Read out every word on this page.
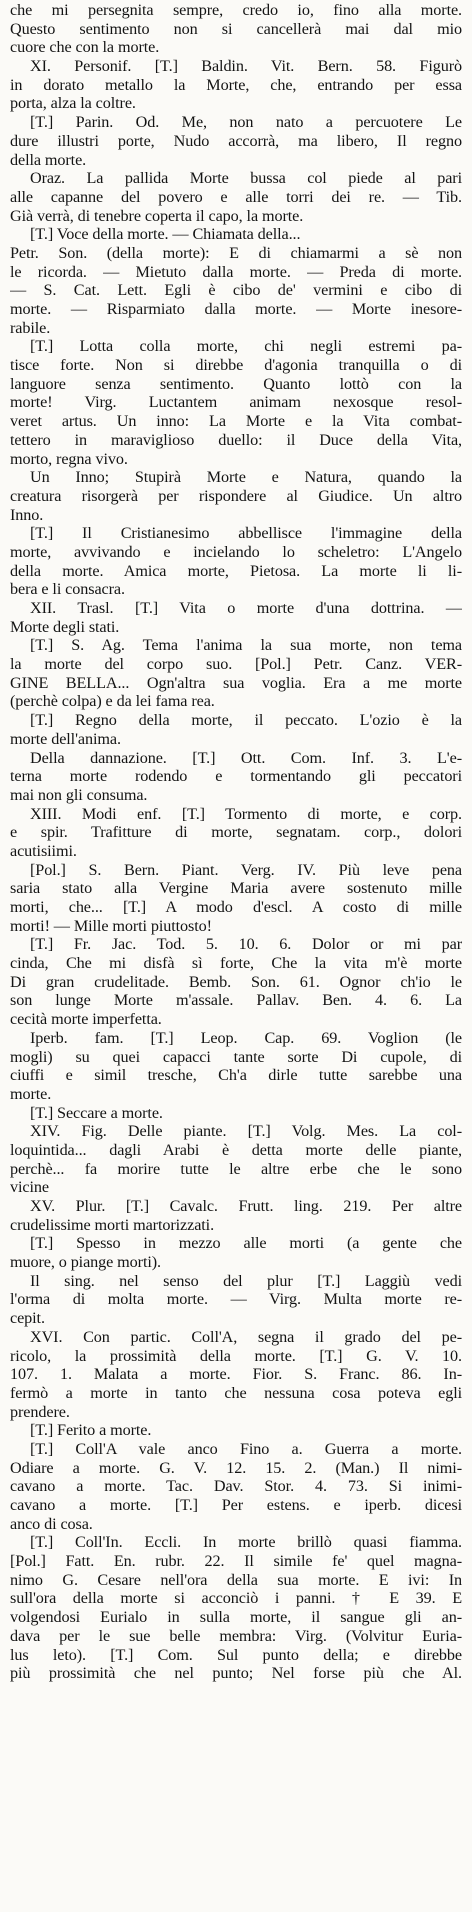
che mi persegnita sempre, credo io, fino alla morte.
Questo sentimento non si cancellerà mai dal mio
cuore che con la morte.
XI. Personif. [T.] Baldin. Vit. Bern. 58. Figurò
in dorato metallo la Morte, che, entrando per essa
porta, alza la coltre.
[T.] Parin. Od. Me, non nato a percuotere Le
dure illustri porte, Nudo accorrà, ma libero, Il regno
della morte.
Oraz. La pallida Morte bussa col piede al pari
alle capanne del povero e alle torri dei re. — Tib.
Già verrà, di tenebre coperta il capo, la morte.
[T.] Voce della morte. — Chiamata della...
Petr. Son. (della morte): E di chiamarmi a sè non
le ricorda. — Mietuto dalla morte. — Preda di morte.
— S. Cat. Lett. Egli è cibo de' vermini e cibo di
morte. — Risparmiato dalla morte. — Morte inesore-
rabile.
[T.] Lotta colla morte, chi negli estremi pa-
tisce forte. Non si direbbe d'agonia tranquilla o di
languore senza sentimento. Quanto lottò con la
morte! Virg. Luctantem animam nexosque resol-
veret artus. Un inno: La Morte e la Vita combat-
tettero in maravіglioso duello: il Duce della Vita,
morto, regna vivo.
Un Inno; Stupirà Morte e Natura, quando la
creatura risorgerà per rispondere al Giudice. Un altro
Inno.
[T.] Il Cristianesimo abbellisce l'immagine della
morte, avvivando e incielando lo scheletro: L'Angelo
della morte. Amica morte, Pietosa. La morte li li-
bera e li consacra.
XII. Trasl. [T.] Vita o morte d'una dottrina. —
Morte degli stati.
[T.] S. Ag. Tema l'anima la sua morte, non tema
la morte del corpo suo. [Pol.] Petr. Canz. VER-
GINE BELLA... Ogn'altra sua voglia. Era a me morte
(perchè colpa) e da lei fama rea.
[T.] Regno della morte, il peccato. L'ozio è la
morte dell'anima.
Della dannazione. [T.] Ott. Com. Inf. 3. L'e-
terna morte rodendo e tormentando gli peccatori
mai non gli consuma.
XIII. Modi enf. [T.] Tormento di morte, e corp.
e spir. Trafitture di morte, segnatam. corp., dolori
acutisiimi.
[Pol.] S. Bern. Piant. Verg. IV. Più leve pena
saria stato alla Vergine Maria avere sostenuto mille
morti, che... [T.] A modo d'escl. A costo di mille
morti! — Mille morti piuttosto!
[T.] Fr. Jac. Tod. 5. 10. 6. Dolor or mi par
cinda, Che mi disfà sì forte, Che la vita m'è morte
Di gran crudelitade. Bemb. Son. 61. Ognor ch'io le
son lunge Morte m'assale. Pallav. Ben. 4. 6. La
cecità morte imperfetta.
Iperb. fam. [T.] Leop. Cap. 69. Voglion (le
mogli) su quei capacci tante sorte Di cupole, di
ciuffi e simil tresche, Ch'a dirle tutte sarebbe una
morte.
[T.] Seccare a morte.
XIV. Fig. Delle piante. [T.] Volg. Mes. La col-
loquintida... dagli Arabi è detta morte delle piante,
perchè... fa morire tutte le altre erbe che le sono
vicine
XV. Plur. [T.] Cavalc. Frutt. ling. 219. Per altre
crudelissime morti martorizzati.
[T.] Spesso in mezzo alle morti (a gente che
muore, o piange morti).
Il sing. nel senso del plur [T.] Laggiù vedi
l'orma di molta morte. — Virg. Multa morte re-
cepit.
XVI. Con partic. Coll'A, segna il grado del pe-
ricolo, la prossimità della morte. [T.] G. V. 10.
107. 1. Malata a morte. Fior. S. Franc. 86. In-
fermò a morte in tanto che nessuna cosa poteva egli
prendere.
[T.] Ferito a morte.
[T.] Coll'A vale anco Fino a. Guerra a morte.
Odiare a morte. G. V. 12. 15. 2. (Man.) Il nimi-
cavano a morte. Tac. Dav. Stor. 4. 73. Si inimi-
cavano a morte. [T.] Per estens. e iperb. dicesi
anco di cosa.
[T.] Coll'In. Eccli. In morte brillò quasi fiamma.
[Pol.] Fatt. En. rubr. 22. Il simile fe' quel magna-
nimo G. Cesare nell'ora della sua morte. E ivi: In
sull'ora della morte si acconciò i panni. † E 39. E
volgendosi Eurialo in sulla morte, il sangue gli an-
dava per le sue belle membra: Virg. (Volvitur Euria-
lus leto). [T.] Com. Sul punto della; e direbbe
più prossimità che nel punto; Nel forse più che Al.
